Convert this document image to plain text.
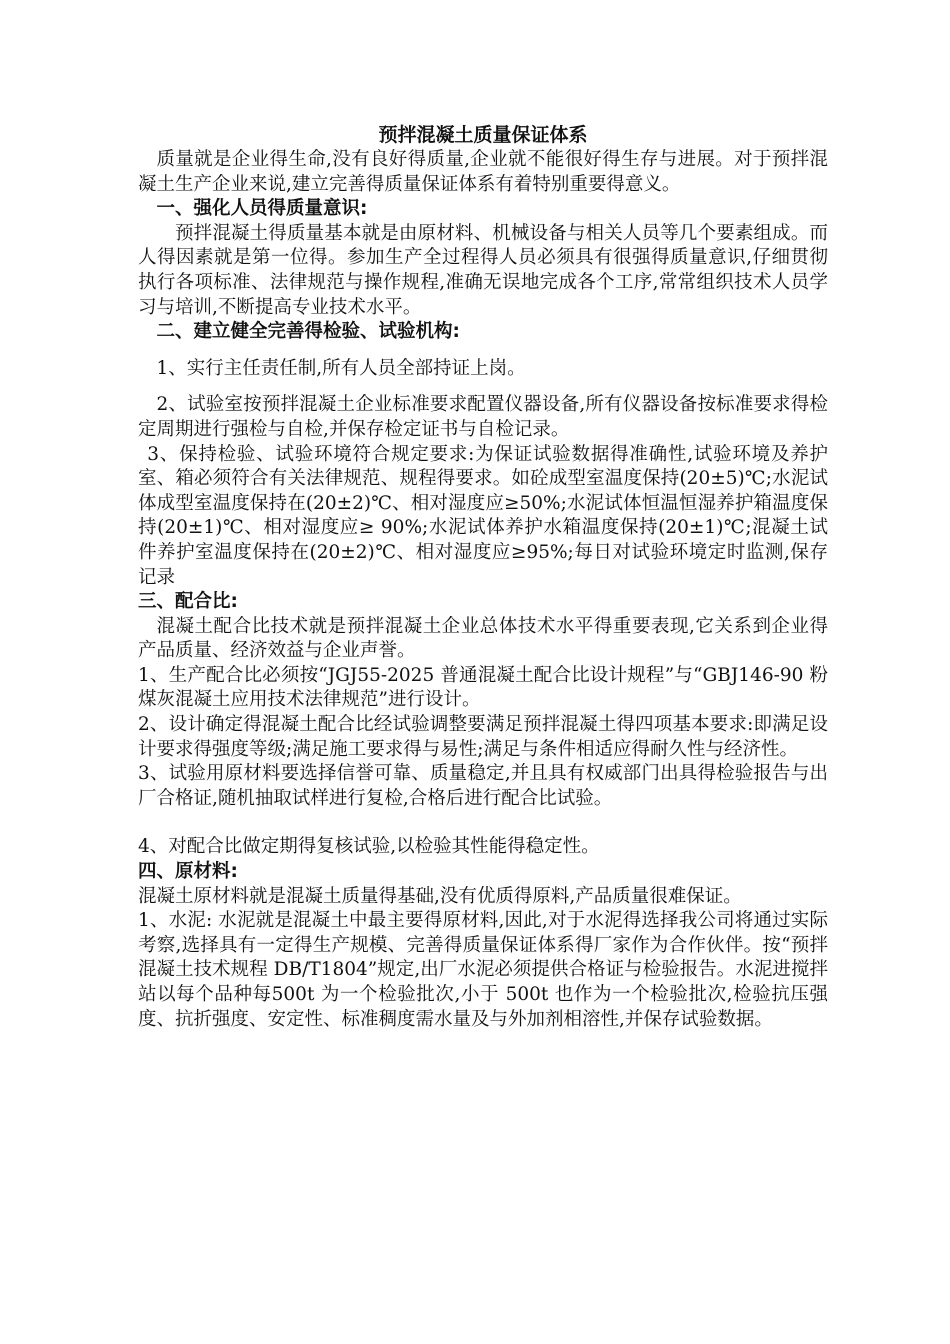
预拌混凝土质量保证体系

质量就是企业得生命,没有良好得质量,企业就不能很好得生存与进展。对于预拌混凝土生产企业来说,建立完善得质量保证体系有着特别重要得意义。

一、强化人员得质量意识:

预拌混凝土得质量基本就是由原材料、机械设备与相关人员等几个要素组成。而人得因素就是第一位得。参加生产全过程得人员必须具有很强得质量意识,仔细贯彻执行各项标准、法律规范与操作规程,准确无误地完成各个工序,常常组织技术人员学习与培训,不断提高专业技术水平。

二、建立健全完善得检验、试验机构:

1、实行主任责任制,所有人员全部持证上岗。

2、试验室按预拌混凝土企业标准要求配置仪器设备,所有仪器设备按标准要求得检定周期进行强检与自检,并保存检定证书与自检记录。

3、保持检验、试验环境符合规定要求:为保证试验数据得准确性,试验环境及养护室、箱必须符合有关法律规范、规程得要求。如砼成型室温度保持(20±5)℃;水泥试体成型室温度保持在(20±2)℃、相对湿度应≥50%;水泥试体恒温恒湿养护箱温度保持(20±1)℃、相对湿度应≥ 90%;水泥试体养护水箱温度保持(20±1)℃;混凝土试件养护室温度保持在(20±2)℃、相对湿度应≥95%;每日对试验环境定时监测,保存记录

三、配合比:

混凝土配合比技术就是预拌混凝土企业总体技术水平得重要表现,它关系到企业得产品质量、经济效益与企业声誉。

1、生产配合比必须按“JGJ55-2025 普通混凝土配合比设计规程”与“GBJ146-90 粉煤灰混凝土应用技术法律规范”进行设计。

2、设计确定得混凝土配合比经试验调整要满足预拌混凝土得四项基本要求:即满足设计要求得强度等级;满足施工要求得与易性;满足与条件相适应得耐久性与经济性。

3、试验用原材料要选择信誉可靠、质量稳定,并且具有权威部门出具得检验报告与出厂合格证,随机抽取试样进行复检,合格后进行配合比试验。

4、对配合比做定期得复核试验,以检验其性能得稳定性。

四、原材料:

混凝土原材料就是混凝土质量得基础,没有优质得原料,产品质量很难保证。

1、水泥: 水泥就是混凝土中最主要得原材料,因此,对于水泥得选择我公司将通过实际考察,选择具有一定得生产规模、完善得质量保证体系得厂家作为合作伙伴。按“预拌混凝土技术规程 DB/T1804”规定,出厂水泥必须提供合格证与检验报告。水泥进搅拌站以每个品种每500t 为一个检验批次,小于 500t 也作为一个检验批次,检验抗压强度、抗折强度、安定性、标准稠度需水量及与外加剂相溶性,并保存试验数据。
